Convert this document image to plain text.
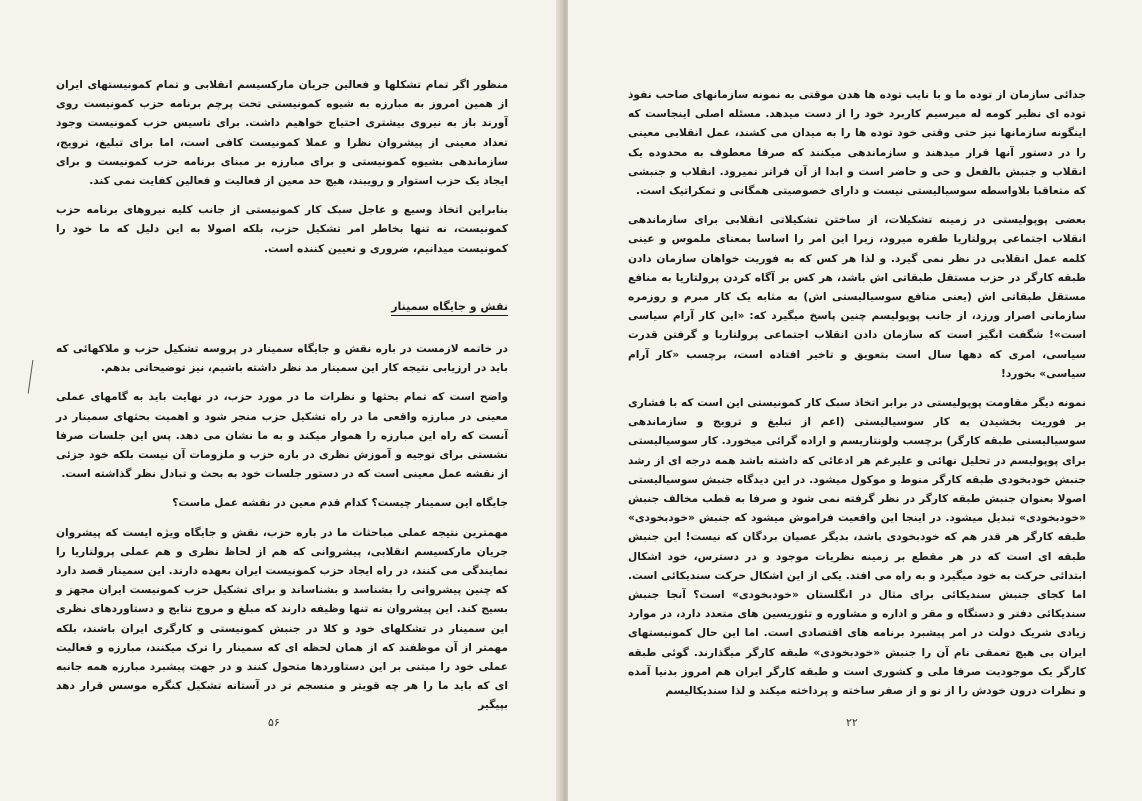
منظور اگر تمام تشکلها و فعالین جریان مارکسیسم انقلابی و تمام کمونیستهای ایران از همین امروز به مبارزه به شیوه کمونیستی تحت پرچم برنامه حزب کمونیست روی آورند باز به نیروی بیشتری احتیاج خواهیم داشت. برای تاسیس حزب کمونیست وجود تعداد معینی از پیشروان نظرا و عملا کمونیست کافی است، اما برای تبلیغ، ترویج، سازماندهی بشیوه کمونیستی و برای مبارزه بر مبنای برنامه حزب کمونیست و برای ایجاد یک حزب استوار و رویبند، هیچ حد معین از فعالیت و فعالین کفایت نمی کند.

بنابراین اتخاذ وسیع و عاجل سبک کار کمونیستی از جانب کلیه نیروهای برنامه حزب کمونیست، نه تنها بخاطر امر تشکیل حزب، بلکه اصولا به این دلیل که ما خود را کمونیست میدانیم، ضروری و تعیین کننده است.

نقش و جایگاه سمینار

در خاتمه لازمست در باره نقش و جایگاه سمینار در پروسه تشکیل حزب و ملاکهائی که باید در ارزیابی نتیجه کار این سمینار مد نظر داشته باشیم، نیز توضیحاتی بدهم.

واضح است که تمام بحثها و نظرات ما در مورد حزب، در نهایت باید به گامهای عملی معینی در مبارزه واقعی ما در راه تشکیل حزب منجر شود و اهمیت بحثهای سمینار در آنست که راه این مبارزه را هموار میکند و به ما نشان می دهد. پس این جلسات صرفا نشستی برای توجیه و آموزش نظری در باره حزب و ملزومات آن نیست بلکه خود جزئی از نقشه عمل معینی است که در دستور جلسات خود به بحث و تبادل نظر گذاشته است.

جایگاه این سمینار چیست؟ کدام قدم معین در نقشه عمل ماست؟

مهمترین نتیجه عملی مباحثات ما در باره حزب، نقش و جایگاه ویژه ایست که پیشروان جریان مارکسیسم انقلابی، پیشروانی که هم از لحاظ نظری و هم عملی پرولتاریا را نمایندگی می کنند، در راه ایجاد حزب کمونیست ایران بعهده دارند. این سمینار قصد دارد که چنین پیشروانی را بشناسد و بشناساند و برای تشکیل حزب کمونیست ایران مجهز و بسیج کند. این پیشروان نه تنها وظیفه دارند که مبلغ و مروج نتایج و دستاوردهای نظری این سمینار در تشکلهای خود و کلا در جنبش کمونیستی و کارگری ایران باشند، بلکه مهمتر از آن موظفند که از همان لحظه ای که سمینار را ترک میکنند، مبارزه و فعالیت عملی خود را مبتنی بر این دستاوردها متحول کنند و در جهت پیشبرد مبارزه همه جانبه ای که باید ما را هر چه قویتر و منسجم تر در آستانه تشکیل کنگره موسس قرار دهد بپیگیر

۵۶

جدائی سازمان از توده ما و با نایب توده ها هدن موقتی به نمونه سازمانهای صاحب نفوذ توده ای نظیر کومه له میرسیم کاربرد خود را از دست میدهد. مسئله اصلی اینجاست که اینگونه سازمانها نیز حتی وقتی خود توده ها را به میدان می کشند، عمل انقلابی معینی را در دستور آنها قرار میدهند و سازماندهی میکنند که صرفا معطوف به محدوده یک انقلاب و جنبش بالفعل و حی و حاضر است و ابدا از آن فراتر نمیرود. انقلاب و جنبشی که متعاقبا بلاواسطه سوسیالیستی نیست و دارای خصوصیتی همگانی و تمکراتیک است.

بعضی پوپولیستی در زمینه تشکیلات، از ساختن تشکیلاتی انقلابی برای سازماندهی انقلاب اجتماعی پرولتاریا طفره میرود، زیرا این امر را اساسا بمعنای ملموس و عینی کلمه عمل انقلابی در نظر نمی گیرد. و لذا هر کس که به فوریت خواهان سازمان دادن طبقه کارگر در حزب مستقل طبقاتی اش باشد، هر کس بر آگاه کردن پرولتاریا به منافع مستقل طبقاتی اش (یعنی منافع سوسیالیستی اش) به مثابه یک کار مبرم و روزمره سازمانی اصرار ورزد، از جانب پوپولیسم چنین پاسخ میگیرد که: «این کار آرام سیاسی است»! شگفت انگیز است که سازمان دادن انقلاب اجتماعی پرولتاریا و گرفتن قدرت سیاسی، امری که دهها سال است بتعویق و تاخیر افتاده است، برچسب «کار آرام سیاسی» بخورد!

نمونه دیگر مقاومت پوپولیستی در برابر اتخاذ سبک کار کمونیستی این است که با فشاری بر فوریت بخشیدن به کار سوسیالیستی (اعم از تبلیغ و ترویج و سازماندهی سوسیالیستی طبقه کارگر) برچسب ولونتاریسم و اراده گرائی میخورد. کار سوسیالیستی برای پوپولیسم در تحلیل نهائی و علیرغم هر ادعائی که داشته باشد همه درجه ای از رشد جنبش خودبخودی طبقه کارگر منوط و موکول میشود. در این دیدگاه جنبش سوسیالیستی اصولا بعنوان جنبش طبقه کارگر در نظر گرفته نمی شود و صرفا به قطب مخالف جنبش «خودبخودی» تبدیل میشود. در اینجا این واقعیت فراموش میشود که جنبش «خودبخودی» طبقه کارگر هر قدر هم که خودبخودی باشد، بدیگر عصیان بردگان که نیست! این جنبش طبقه ای است که در هر مقطع بر زمینه نظریات موجود و در دسترس، خود اشکال ابتدائی حرکت به خود میگیرد و به راه می افتد. یکی از این اشکال حرکت سندیکائی است. اما کجای جنبش سندیکائی برای مثال در انگلستان «خودبخودی» است؟ آنجا جنبش سندیکائی دفتر و دستگاه و مقر و اداره و مشاوره و تئوریسین های متعدد دارد، در موارد زیادی شریک دولت در امر پیشبرد برنامه های اقتصادی است. اما این حال کمونیستهای ایران بی هیچ تعمقی نام آن را جنبش «خودبخودی» طبقه کارگر میگذارند. گوئی طبقه کارگر یک موجودیت صرفا ملی و کشوری است و طبقه کارگر ایران هم امروز بدنیا آمده و نظرات درون خودش را از نو و از صفر ساخته و پرداخته میکند و لذا سندیکالیسم

۲۲
